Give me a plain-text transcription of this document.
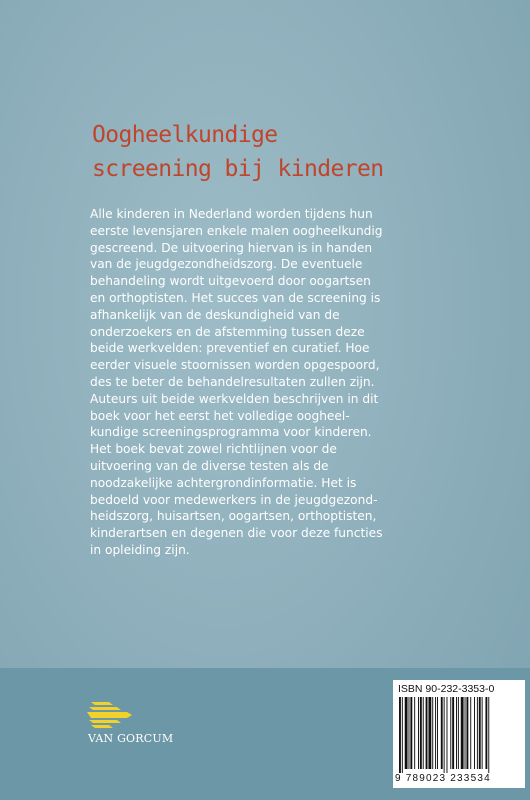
Oogheelkundige
screening bij kinderen

Alle kinderen in Nederland worden tijdens hun
eerste levensjaren enkele malen oogheelkundig
gescreend. De uitvoering hiervan is in handen
van de jeugdgezondheidszorg. De eventuele
behandeling wordt uitgevoerd door oogartsen
en orthoptisten. Het succes van de screening is
afhankelijk van de deskundigheid van de
onderzoekers en de afstemming tussen deze
beide werkvelden: preventief en curatief. Hoe
eerder visuele stoornissen worden opgespoord,
des te beter de behandelresultaten zullen zijn.
Auteurs uit beide werkvelden beschrijven in dit
boek voor het eerst het volledige oogheel-
kundige screeningsprogramma voor kinderen.
Het boek bevat zowel richtlijnen voor de
uitvoering van de diverse testen als de
noodzakelijke achtergrondinformatie. Het is
bedoeld voor medewerkers in de jeugdgezond-
heidszorg, huisartsen, oogartsen, orthoptisten,
kinderartsen en degenen die voor deze functies
in opleiding zijn.

VAN GORCUM
ISBN 90-232-3353-0
9 789023 233534
